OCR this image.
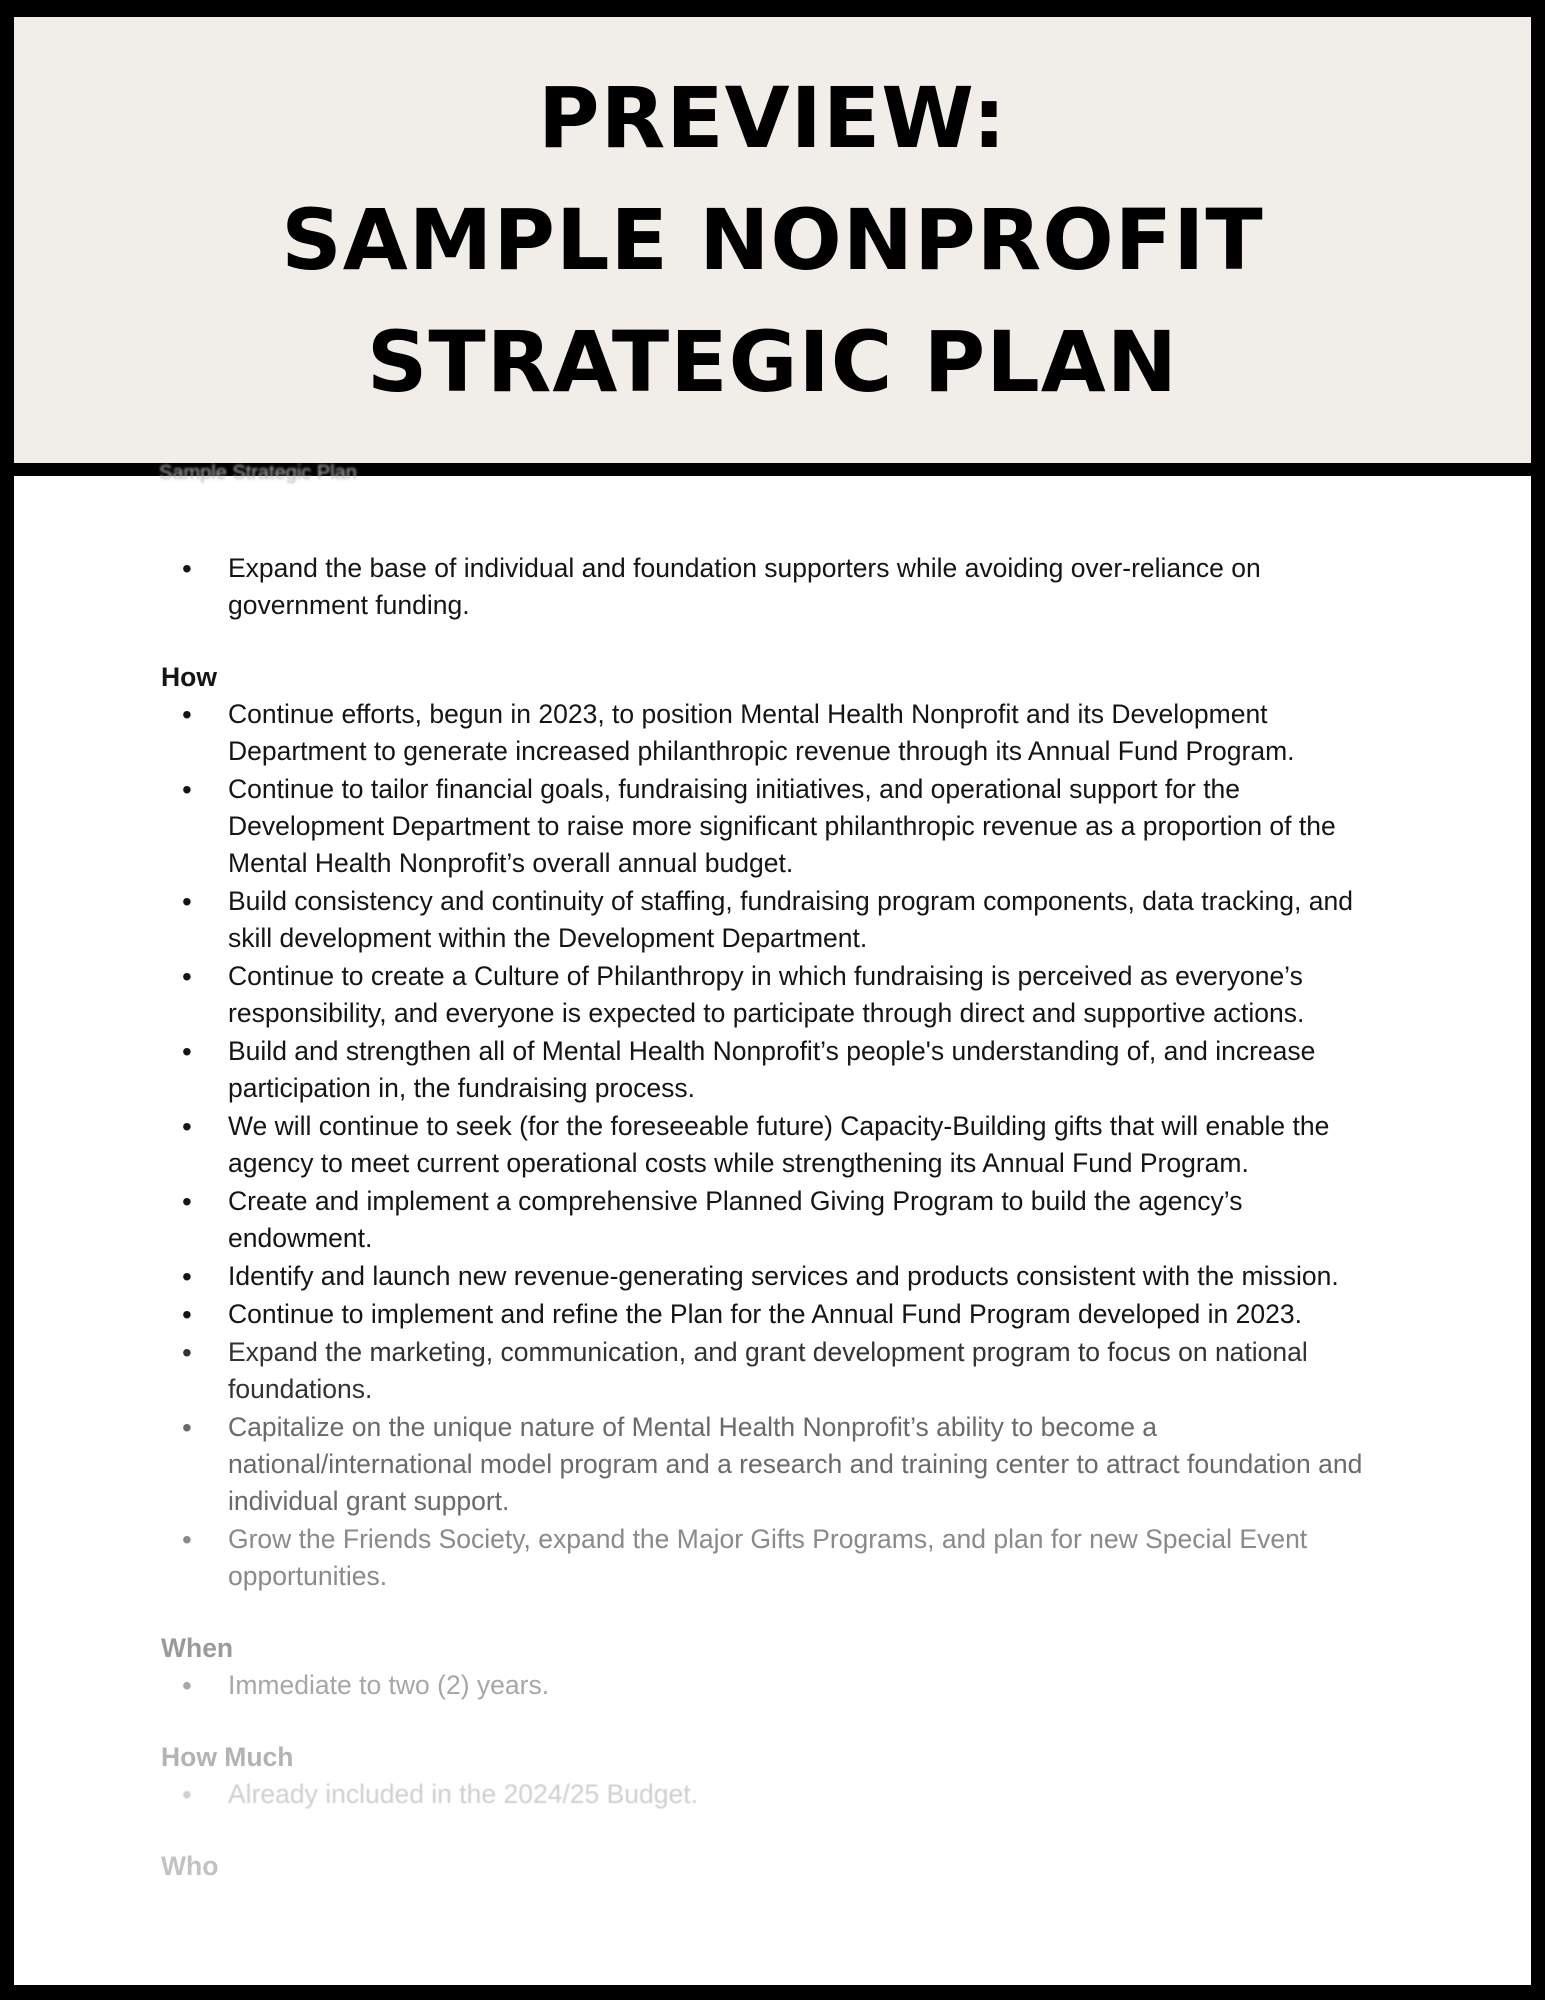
PREVIEW:
SAMPLE NONPROFIT
STRATEGIC PLAN
Sample Strategic Plan
• Expand the base of individual and foundation supporters while avoiding over-reliance on government funding.
How
• Continue efforts, begun in 2023, to position Mental Health Nonprofit and its Development Department to generate increased philanthropic revenue through its Annual Fund Program.
• Continue to tailor financial goals, fundraising initiatives, and operational support for the Development Department to raise more significant philanthropic revenue as a proportion of the Mental Health Nonprofit’s overall annual budget.
• Build consistency and continuity of staffing, fundraising program components, data tracking, and skill development within the Development Department.
• Continue to create a Culture of Philanthropy in which fundraising is perceived as everyone’s responsibility, and everyone is expected to participate through direct and supportive actions.
• Build and strengthen all of Mental Health Nonprofit’s people's understanding of, and increase participation in, the fundraising process.
• We will continue to seek (for the foreseeable future) Capacity-Building gifts that will enable the agency to meet current operational costs while strengthening its Annual Fund Program.
• Create and implement a comprehensive Planned Giving Program to build the agency’s endowment.
• Identify and launch new revenue-generating services and products consistent with the mission.
• Continue to implement and refine the Plan for the Annual Fund Program developed in 2023.
• Expand the marketing, communication, and grant development program to focus on national foundations.
• Capitalize on the unique nature of Mental Health Nonprofit’s ability to become a national/international model program and a research and training center to attract foundation and individual grant support.
• Grow the Friends Society, expand the Major Gifts Programs, and plan for new Special Event opportunities.
When
• Immediate to two (2) years.
How Much
• Already included in the 2024/25 Budget.
Who
